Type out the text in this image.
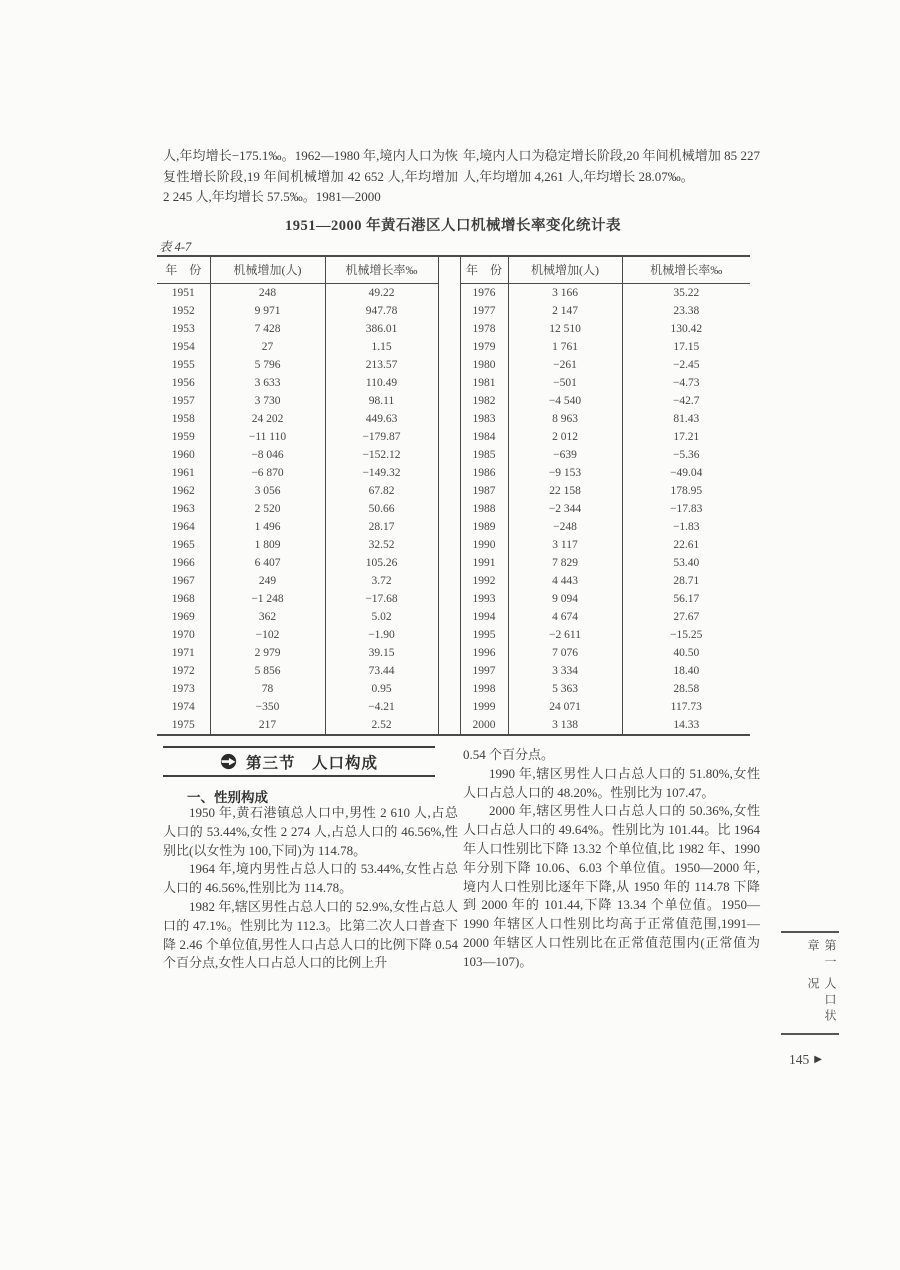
人,年均增长−175.1‰。1962—1980 年,境内人口为恢复性增长阶段,19 年间机械增加 42 652 人,年均增加 2 245 人,年均增长 57.5‰。1981—2000

年,境内人口为稳定增长阶段,20 年间机械增加 85 227 人,年均增加 4,261 人,年均增长 28.07‰。

1951—2000 年黄石港区人口机械增长率变化统计表
表 4-7
年　份	机械增加(人)	机械增长率‰		年　份	机械增加(人)	机械增长率‰
1951	248	49.22		1976	3 166	35.22
1952	9 971	947.78		1977	2 147	23.38
1953	7 428	386.01		1978	12 510	130.42
1954	27	1.15		1979	1 761	17.15
1955	5 796	213.57		1980	−261	−2.45
1956	3 633	110.49		1981	−501	−4.73
1957	3 730	98.11		1982	−4 540	−42.7
1958	24 202	449.63		1983	8 963	81.43
1959	−11 110	−179.87		1984	2 012	17.21
1960	−8 046	−152.12		1985	−639	−5.36
1961	−6 870	−149.32		1986	−9 153	−49.04
1962	3 056	67.82		1987	22 158	178.95
1963	2 520	50.66		1988	−2 344	−17.83
1964	1 496	28.17		1989	−248	−1.83
1965	1 809	32.52		1990	3 117	22.61
1966	6 407	105.26		1991	7 829	53.40
1967	249	3.72		1992	4 443	28.71
1968	−1 248	−17.68		1993	9 094	56.17
1969	362	5.02		1994	4 674	27.67
1970	−102	−1.90		1995	−2 611	−15.25
1971	2 979	39.15		1996	7 076	40.50
1972	5 856	73.44		1997	3 334	18.40
1973	78	0.95		1998	5 363	28.58
1974	−350	−4.21		1999	24 071	117.73
1975	217	2.52		2000	3 138	14.33
第三节　人口构成
一、性别构成

1950 年,黄石港镇总人口中,男性 2 610 人,占总人口的 53.44%,女性 2 274 人,占总人口的 46.56%,性别比(以女性为 100,下同)为 114.78。

1964 年,境内男性占总人口的 53.44%,女性占总人口的 46.56%,性别比为 114.78。

1982 年,辖区男性占总人口的 52.9%,女性占总人口的 47.1%。性别比为 112.3。比第二次人口普查下降 2.46 个单位值,男性人口占总人口的比例下降 0.54 个百分点,女性人口占总人口的比例上升

0.54 个百分点。

1990 年,辖区男性人口占总人口的 51.80%,女性人口占总人口的 48.20%。性别比为 107.47。

2000 年,辖区男性人口占总人口的 50.36%,女性人口占总人口的 49.64%。性别比为 101.44。比 1964 年人口性别比下降 13.32 个单位值,比 1982 年、1990 年分别下降 10.06、6.03 个单位值。1950—2000 年,境内人口性别比逐年下降,从 1950 年的 114.78 下降到 2000 年的 101.44,下降 13.34 个单位值。1950—1990 年辖区人口性别比均高于正常值范围,1991—2000 年辖区人口性别比在正常值范围内(正常值为 103—107)。	第一章
人口状况
145 ▶
